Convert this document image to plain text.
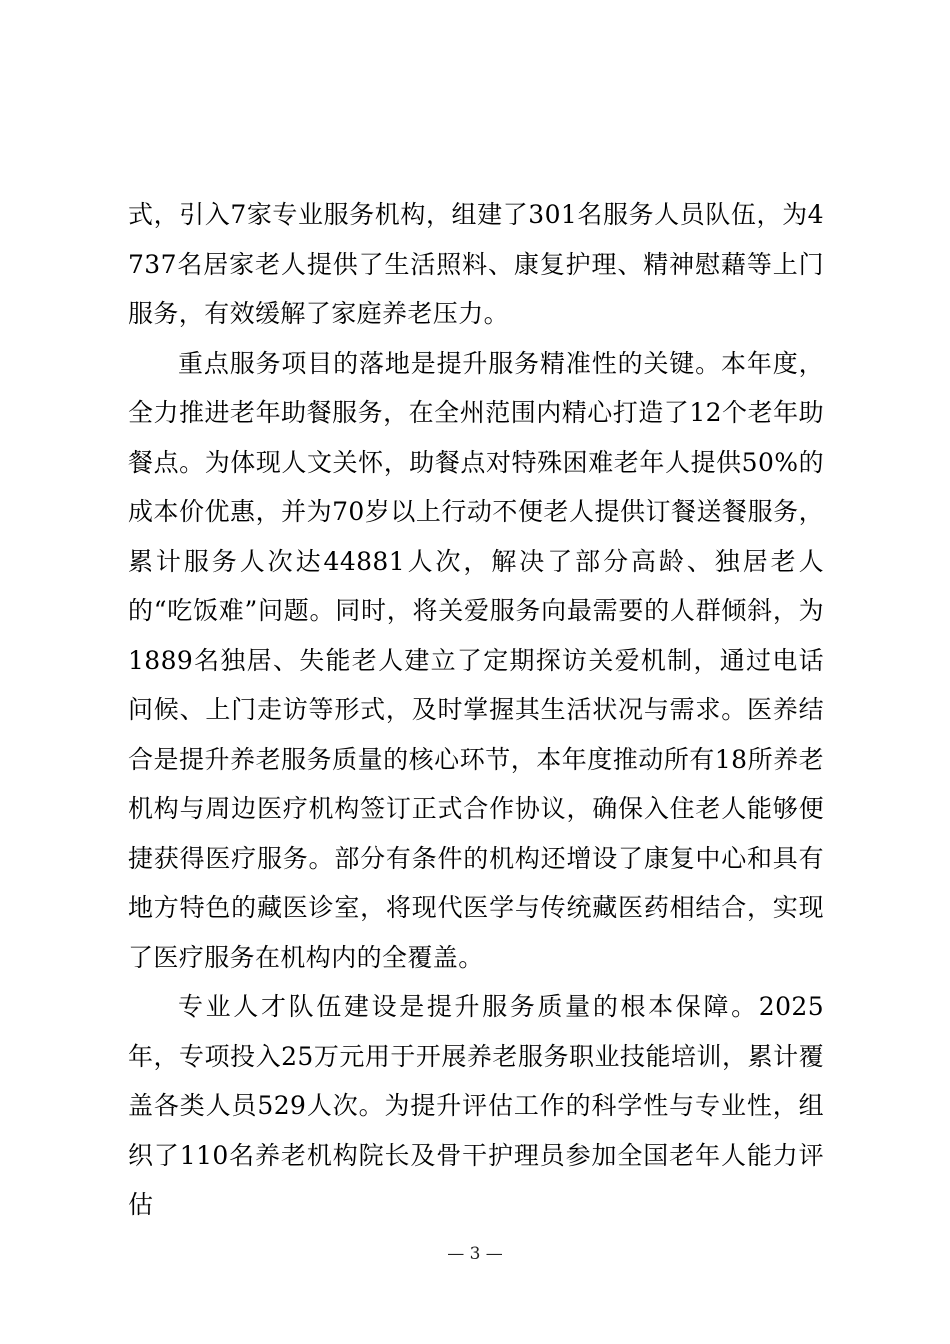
式，引入7家专业服务机构，组建了301名服务人员队伍，为4737名居家老人提供了生活照料、康复护理、精神慰藉等上门服务，有效缓解了家庭养老压力。

重点服务项目的落地是提升服务精准性的关键。本年度，全力推进老年助餐服务，在全州范围内精心打造了12个老年助餐点。为体现人文关怀，助餐点对特殊困难老年人提供50%的成本价优惠，并为70岁以上行动不便老人提供订餐送餐服务，累计服务人次达44881人次，解决了部分高龄、独居老人的“吃饭难”问题。同时，将关爱服务向最需要的人群倾斜，为1889名独居、失能老人建立了定期探访关爱机制，通过电话问候、上门走访等形式，及时掌握其生活状况与需求。医养结合是提升养老服务质量的核心环节，本年度推动所有18所养老机构与周边医疗机构签订正式合作协议，确保入住老人能够便捷获得医疗服务。部分有条件的机构还增设了康复中心和具有地方特色的藏医诊室，将现代医学与传统藏医药相结合，实现了医疗服务在机构内的全覆盖。

专业人才队伍建设是提升服务质量的根本保障。2025年，专项投入25万元用于开展养老服务职业技能培训，累计覆盖各类人员529人次。为提升评估工作的科学性与专业性，组织了110名养老机构院长及骨干护理员参加全国老年人能力评估

— 3 —
